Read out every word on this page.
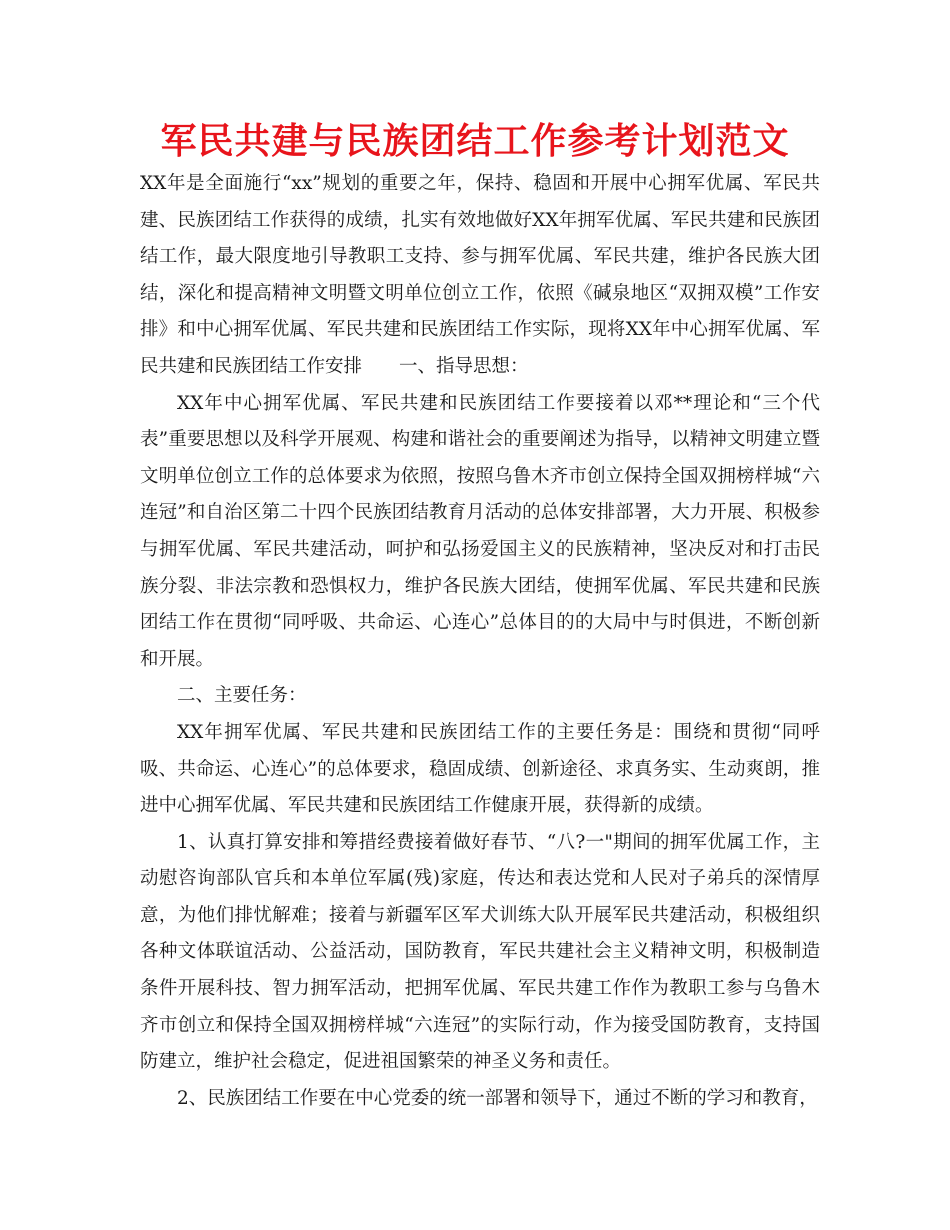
军民共建与民族团结工作参考计划范文

XX年是全面施行“xx”规划的重要之年，保持、稳固和开展中心拥军优属、军民共建、民族团结工作获得的成绩，扎实有效地做好XX年拥军优属、军民共建和民族团结工作，最大限度地引导教职工支持、参与拥军优属、军民共建，维护各民族大团结，深化和提高精神文明暨文明单位创立工作，依照《碱泉地区“双拥双模”工作安排》和中心拥军优属、军民共建和民族团结工作实际，现将XX年中心拥军优属、军民共建和民族团结工作安排　　一、指导思想：

XX年中心拥军优属、军民共建和民族团结工作要接着以邓**理论和“三个代表”重要思想以及科学开展观、构建和谐社会的重要阐述为指导，以精神文明建立暨文明单位创立工作的总体要求为依照，按照乌鲁木齐市创立保持全国双拥榜样城“六连冠”和自治区第二十四个民族团结教育月活动的总体安排部署，大力开展、积极参与拥军优属、军民共建活动，呵护和弘扬爱国主义的民族精神，坚决反对和打击民族分裂、非法宗教和恐惧权力，维护各民族大团结，使拥军优属、军民共建和民族团结工作在贯彻“同呼吸、共命运、心连心”总体目的的大局中与时俱进，不断创新和开展。

二、主要任务：

XX年拥军优属、军民共建和民族团结工作的主要任务是：围绕和贯彻“同呼吸、共命运、心连心”的总体要求，稳固成绩、创新途径、求真务实、生动爽朗，推进中心拥军优属、军民共建和民族团结工作健康开展，获得新的成绩。

1、认真打算安排和筹措经费接着做好春节、“八?一"期间的拥军优属工作，主动慰咨询部队官兵和本单位军属(残)家庭，传达和表达党和人民对子弟兵的深情厚意，为他们排忧解难；接着与新疆军区军犬训练大队开展军民共建活动，积极组织各种文体联谊活动、公益活动，国防教育，军民共建社会主义精神文明，积极制造条件开展科技、智力拥军活动，把拥军优属、军民共建工作作为教职工参与乌鲁木齐市创立和保持全国双拥榜样城“六连冠”的实际行动，作为接受国防教育，支持国防建立，维护社会稳定，促进祖国繁荣的神圣义务和责任。

2、民族团结工作要在中心党委的统一部署和领导下，通过不断的学习和教育，
